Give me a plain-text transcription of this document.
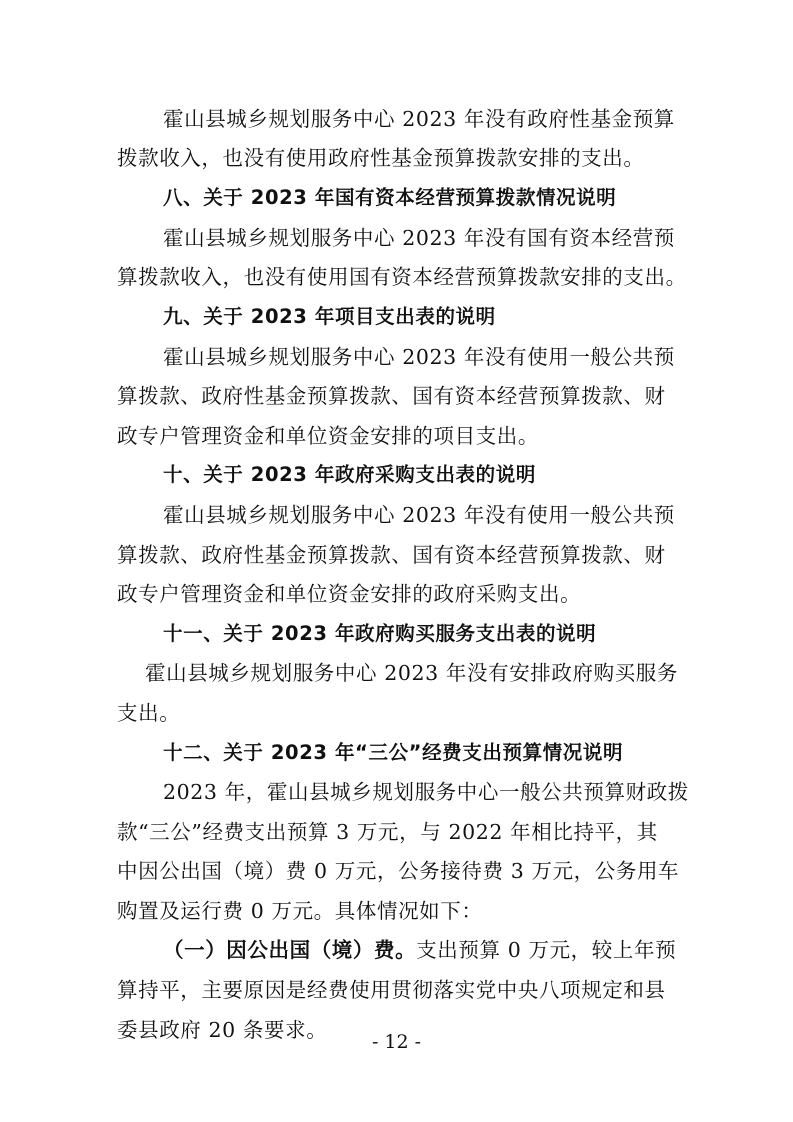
霍山县城乡规划服务中心 2023 年没有政府性基金预算
拨款收入，也没有使用政府性基金预算拨款安排的支出。
八、关于 2023 年国有资本经营预算拨款情况说明
霍山县城乡规划服务中心 2023 年没有国有资本经营预
算拨款收入，也没有使用国有资本经营预算拨款安排的支出。
九、关于 2023 年项目支出表的说明
霍山县城乡规划服务中心 2023 年没有使用一般公共预
算拨款、政府性基金预算拨款、国有资本经营预算拨款、财
政专户管理资金和单位资金安排的项目支出。
十、关于 2023 年政府采购支出表的说明
霍山县城乡规划服务中心 2023 年没有使用一般公共预
算拨款、政府性基金预算拨款、国有资本经营预算拨款、财
政专户管理资金和单位资金安排的政府采购支出。
十一、关于 2023 年政府购买服务支出表的说明
霍山县城乡规划服务中心 2023 年没有安排政府购买服务
支出。
十二、关于 2023 年“三公”经费支出预算情况说明
2023 年，霍山县城乡规划服务中心一般公共预算财政拨
款“三公”经费支出预算 3 万元，与 2022 年相比持平，其
中因公出国（境）费 0 万元，公务接待费 3 万元，公务用车
购置及运行费 0 万元。具体情况如下：
（一）因公出国（境）费。支出预算 0 万元，较上年预
算持平，主要原因是经费使用贯彻落实党中央八项规定和县
委县政府 20 条要求。	- 12 -
